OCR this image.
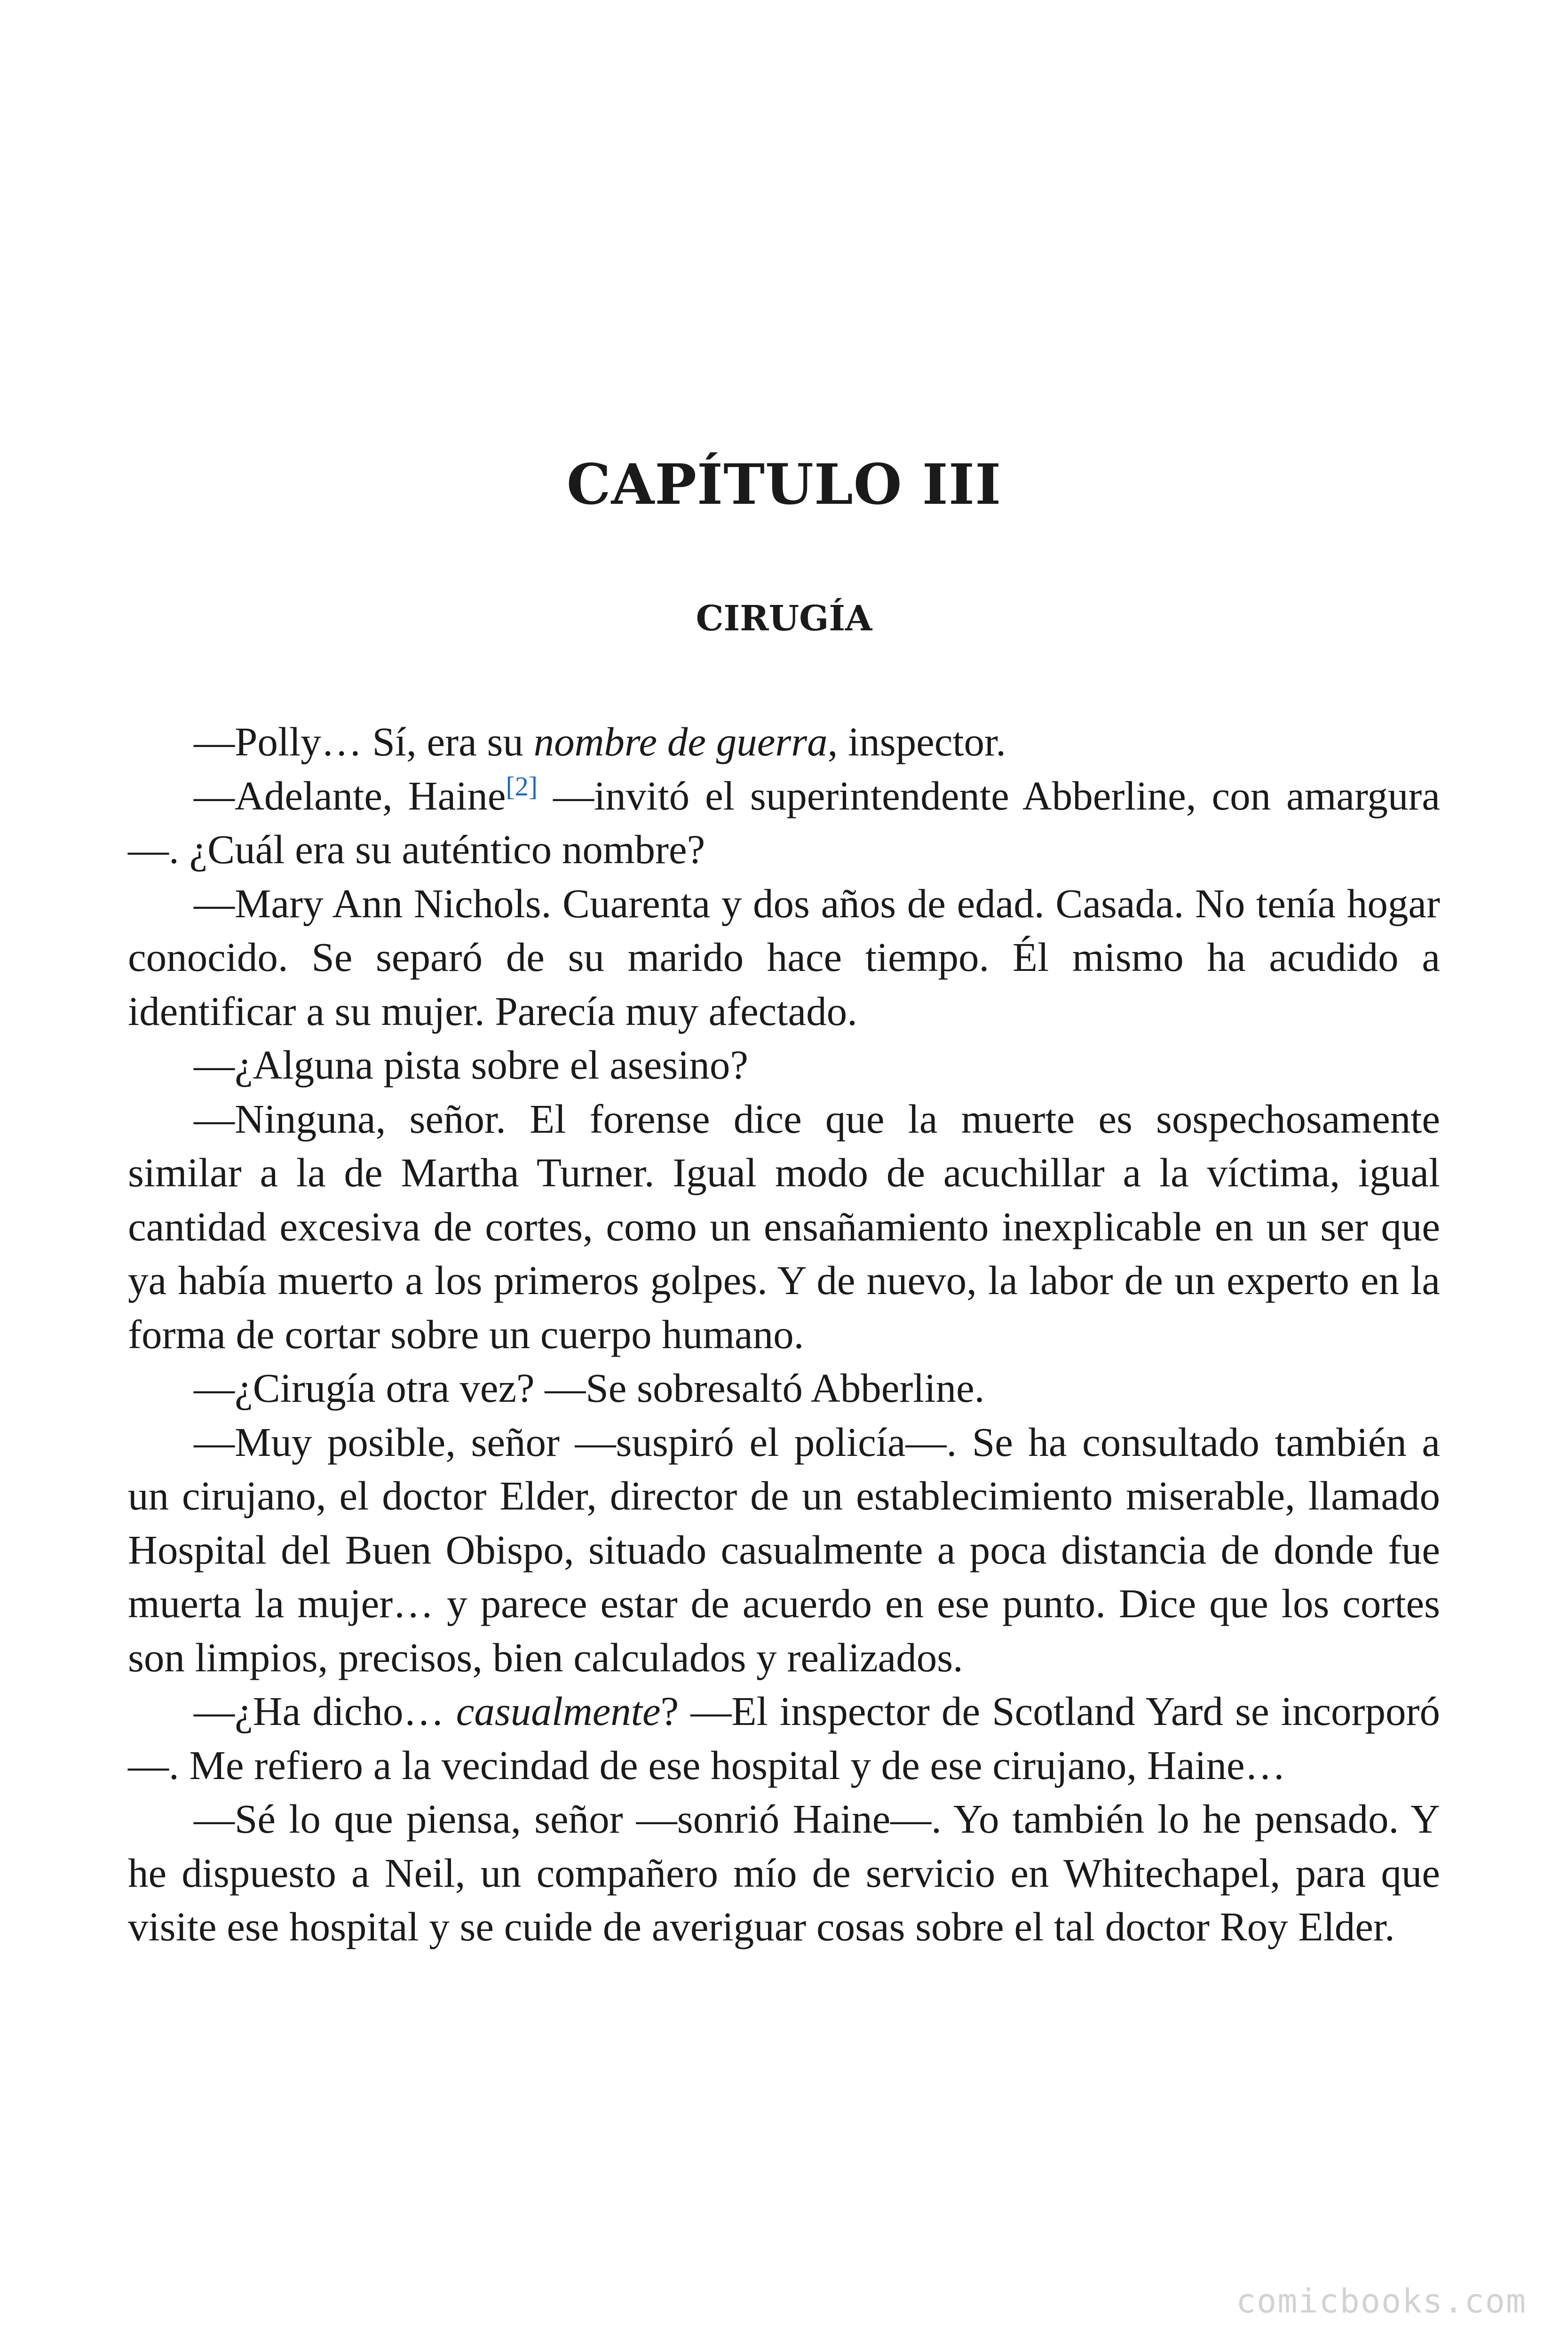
CAPÍTULO III
CIRUGÍA

—Polly… Sí, era su nombre de guerra, inspector.

—Adelante, Haine[2] —invitó el superintendente Abberline, con amargura—. ¿Cuál era su auténtico nombre?

—Mary Ann Nichols. Cuarenta y dos años de edad. Casada. No tenía hogar conocido. Se separó de su marido hace tiempo. Él mismo ha acudido a identificar a su mujer. Parecía muy afectado.

—¿Alguna pista sobre el asesino?

—Ninguna, señor. El forense dice que la muerte es sospechosamente similar a la de Martha Turner. Igual modo de acuchillar a la víctima, igual cantidad excesiva de cortes, como un ensañamiento inexplicable en un ser que ya había muerto a los primeros golpes. Y de nuevo, la labor de un experto en la forma de cortar sobre un cuerpo humano.

—¿Cirugía otra vez? —Se sobresaltó Abberline.

—Muy posible, señor —suspiró el policía—. Se ha consultado también a un cirujano, el doctor Elder, director de un establecimiento miserable, llamado Hospital del Buen Obispo, situado casualmente a poca distancia de donde fue muerta la mujer… y parece estar de acuerdo en ese punto. Dice que los cortes son limpios, precisos, bien calculados y realizados.

—¿Ha dicho… casualmente? —El inspector de Scotland Yard se incorporó—. Me refiero a la vecindad de ese hospital y de ese cirujano, Haine…

—Sé lo que piensa, señor —sonrió Haine—. Yo también lo he pensado. Y he dispuesto a Neil, un compañero mío de servicio en Whitechapel, para que visite ese hospital y se cuide de averiguar cosas sobre el tal doctor Roy Elder.

comicbooks.com
